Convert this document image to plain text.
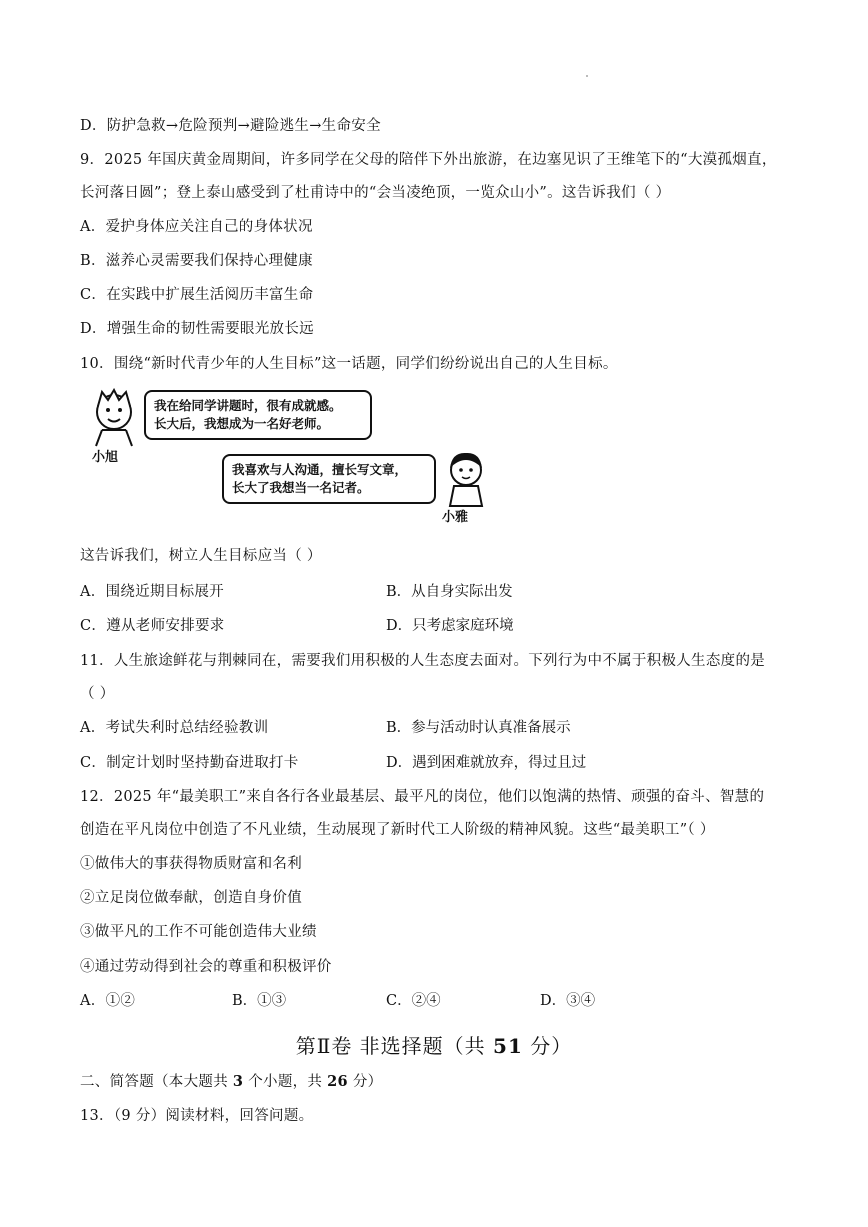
D．防护急救→危险预判→避险逃生→生命安全
9．2025 年国庆黄金周期间，许多同学在父母的陪伴下外出旅游，在边塞见识了王维笔下的“大漠孤烟直，
长河落日圆”；登上泰山感受到了杜甫诗中的“会当凌绝顶，一览众山小”。这告诉我们（ ）
A．爱护身体应关注自己的身体状况
B．滋养心灵需要我们保持心理健康
C．在实践中扩展生活阅历丰富生命
D．增强生命的韧性需要眼光放长远
10．围绕“新时代青少年的人生目标”这一话题，同学们纷纷说出自己的人生目标。
小旭
我在给同学讲题时，很有成就感。
长大后，我想成为一名好老师。
我喜欢与人沟通，擅长写文章，
长大了我想当一名记者。
小雅
这告诉我们，树立人生目标应当（ ）
A．围绕近期目标展开	B．从自身实际出发
C．遵从老师安排要求	D．只考虑家庭环境
11．人生旅途鲜花与荆棘同在，需要我们用积极的人生态度去面对。下列行为中不属于积极人生态度的是
（ ）
A．考试失利时总结经验教训	B．参与活动时认真准备展示
C．制定计划时坚持勤奋进取打卡	D．遇到困难就放弃，得过且过
12．2025 年“最美职工”来自各行各业最基层、最平凡的岗位，他们以饱满的热情、顽强的奋斗、智慧的
创造在平凡岗位中创造了不凡业绩，生动展现了新时代工人阶级的精神风貌。这些“最美职工”（ ）
①做伟大的事获得物质财富和名利
②立足岗位做奉献，创造自身价值
③做平凡的工作不可能创造伟大业绩
④通过劳动得到社会的尊重和积极评价
A．①②	B．①③	C．②④	D．③④
第Ⅱ卷 非选择题（共 51 分）
二、简答题（本大题共 3 个小题，共 26 分）
13．（9 分）阅读材料，回答问题。
